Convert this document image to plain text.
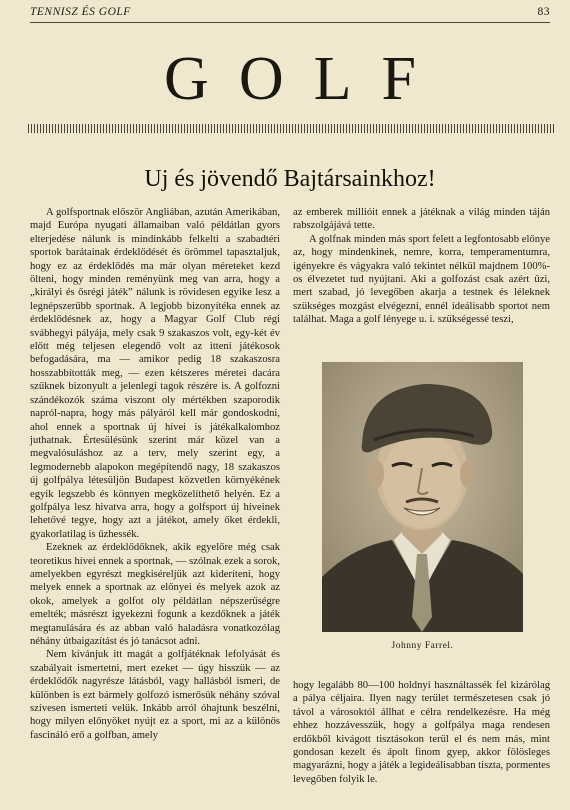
TENNISZ ÉS GOLF	83
GOLF
Uj és jövendő Bajtársainkhoz!

A golfsportnak először Angliában, azután Amerikában, majd Európa nyugati államaiban való példátlan gyors elterjedése nálunk is mindinkább felkelti a szabadtéri sportok barátainak érdeklődését és örömmel tapasztaljuk, hogy ez az érdeklődés ma már olyan méreteket kezd ölteni, hogy minden reményünk meg van arra, hogy a „királyi és ősrégi játék” nálunk is rövidesen egyike lesz a legnépszerűbb sportnak. A legjobb bizonyítéka ennek az érdeklődésnek az, hogy a Magyar Golf Club régi svábhegyi pályája, mely csak 9 szakaszos volt, egy-két év előtt még teljesen elegendő volt az itteni játékosok befogadására, ma — amikor pedig 18 szakaszosra hosszabbították meg, — ezen kétszeres méretei dacára szűknek bizonyult a jelenlegi tagok részére is. A golfozni szándékozók száma viszont oly mértékben szaporodik napról-napra, hogy más pályáról kell már gondoskodni, ahol ennek a sportnak új hívei is játékalkalomhoz juthatnak. Értesülésünk szerint már közel van a megvalósuláshoz az a terv, mely szerint egy, a legmodernebb alapokon megépítendő nagy, 18 szakaszos új golfpálya létesüljön Budapest közvetlen környékének egyik legszebb és könnyen megközelíthető helyén. Ez a golfpálya lesz hivatva arra, hogy a golfsport új híveinek lehetővé tegye, hogy azt a játékot, amely őket érdekli, gyakorlatilag is űzhessék.

Ezeknek az érdeklődőknek, akik egyelőre még csak teoretikus hívei ennek a sportnak, — szólnak ezek a sorok, amelyekben egyrészt megkiséreljük azt kideríteni, hogy melyek ennek a sportnak az előnyei és melyek azok az okok, amelyek a golfot oly példátlan népszerűségre emelték; másrészt igyekezni fogunk a kezdőknek a játék megtanulására és az abban való haladásra vonatkozólag néhány útbaigazítást és jó tanácsot adni.

Nem kívánjuk itt magát a golfjátéknak lefolyását és szabályait ismertetni, mert ezeket — úgy hisszük — az érdeklődők nagyrésze látásból, vagy hallásból ismeri, de különben is ezt bármely golfozó ismerősük néhány szóval szívesen ismerteti velük. Inkább arról óhajtunk beszélni, hogy milyen előnyöket nyújt ez a sport, mi az a különös fascináló erő a golfban, amely

az emberek millióit ennek a játéknak a világ minden táján rabszolgájává tette.

A golfnak minden más sport felett a legfontosabb előnye az, hogy mindenkinek, nemre, korra, temperamentumra, igényekre és vágyakra való tekintet nélkül majdnem 100%-os élvezetet tud nyújtani. Aki a golfozást csak azért űzi, mert szabad, jó levegőben akarja a testnek és léleknek szükséges mozgást elvégezni, ennél ideálisabb sportot nem találhat. Maga a golf lényege u. i. szükségessé teszi,

Johnny Farrel.

hogy legalább 80—100 holdnyi használtassék fel kizárólag a pálya céljaira. Ilyen nagy terület természetesen csak jó távol a városoktól állhat e célra rendelkezésre. Ha még ehhez hozzávesszük, hogy a golfpálya maga rendesen erdőkből kivágott tisztásokon terül el és nem más, mint gondosan kezelt és ápolt finom gyep, akkor fölösleges magyarázni, hogy a játék a legideálisabban tiszta, pormentes levegőben folyik le.
